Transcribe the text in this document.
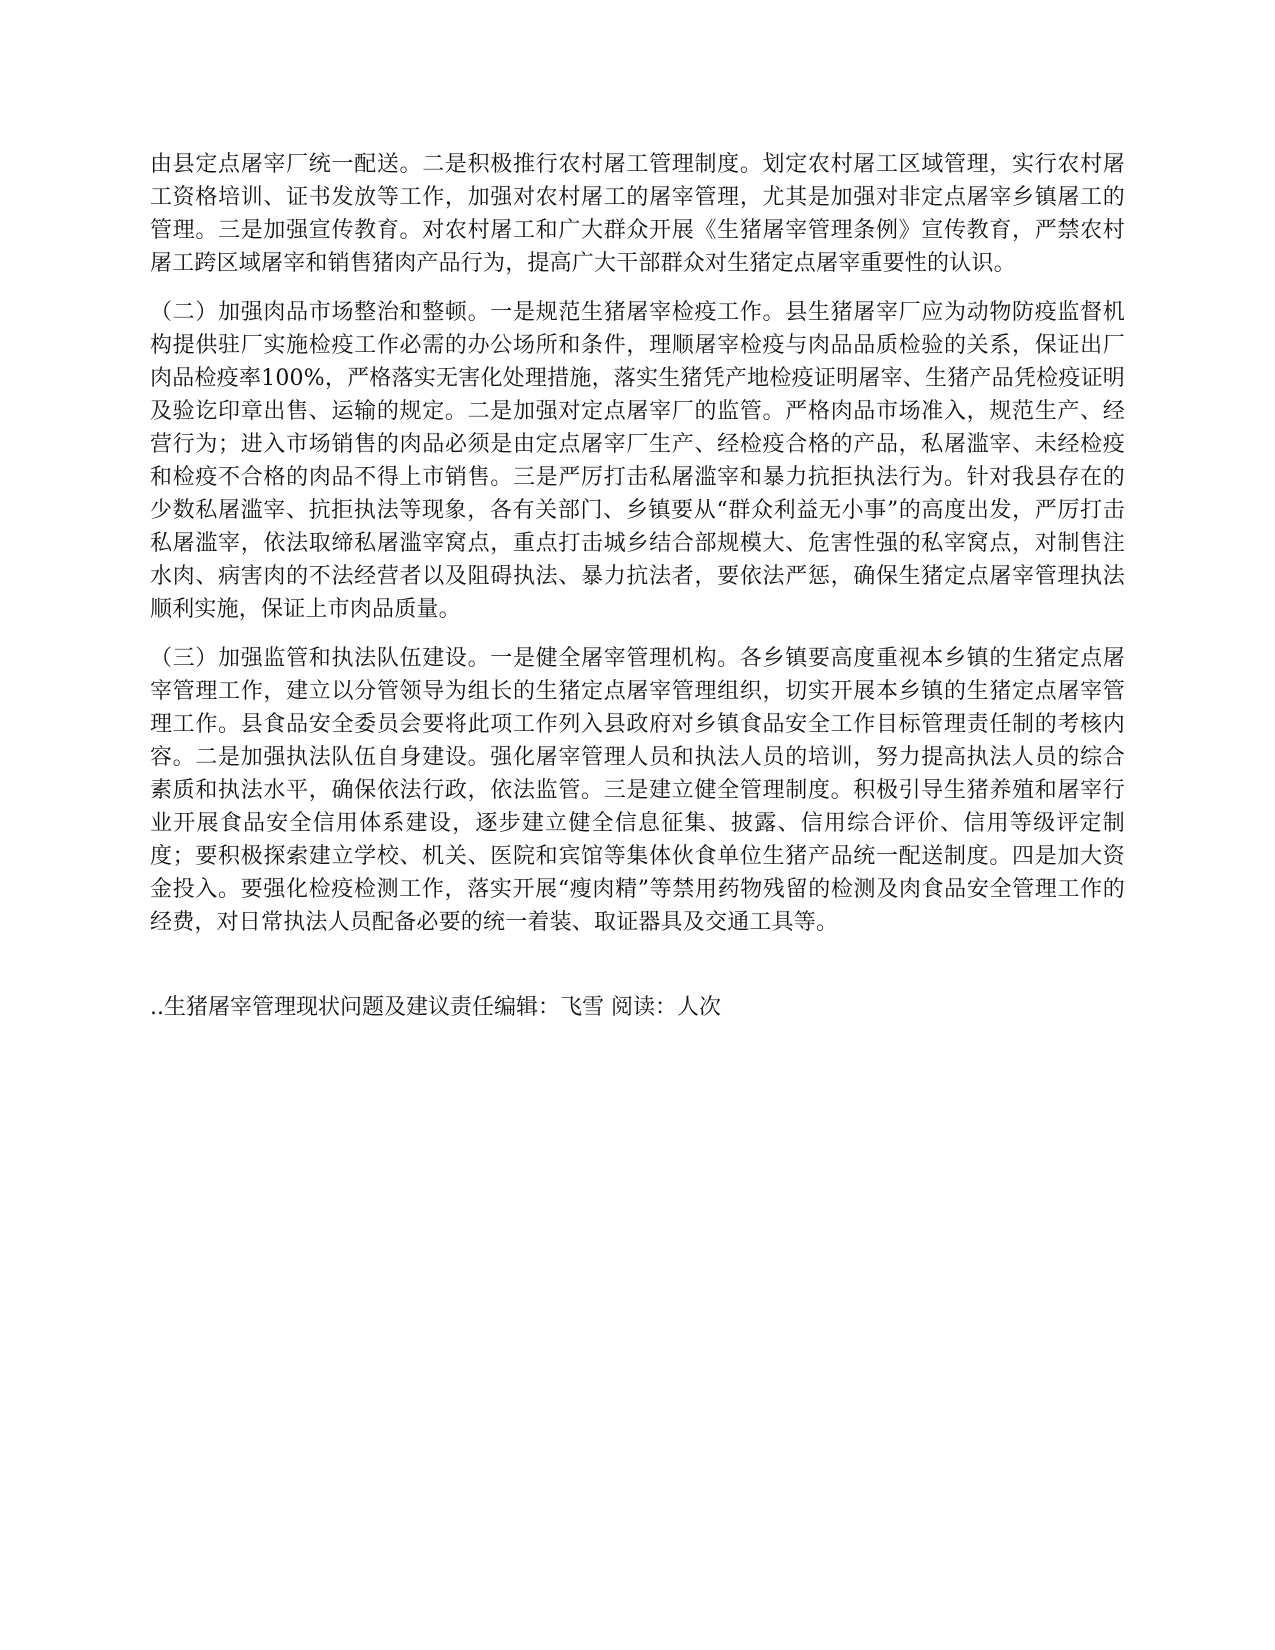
由县定点屠宰厂统一配送。二是积极推行农村屠工管理制度。划定农村屠工区域管理，实行农村屠工资格培训、证书发放等工作，加强对农村屠工的屠宰管理，尤其是加强对非定点屠宰乡镇屠工的管理。三是加强宣传教育。对农村屠工和广大群众开展《生猪屠宰管理条例》宣传教育，严禁农村屠工跨区域屠宰和销售猪肉产品行为，提高广大干部群众对生猪定点屠宰重要性的认识。

（二）加强肉品市场整治和整顿。一是规范生猪屠宰检疫工作。县生猪屠宰厂应为动物防疫监督机构提供驻厂实施检疫工作必需的办公场所和条件，理顺屠宰检疫与肉品品质检验的关系，保证出厂肉品检疫率100%，严格落实无害化处理措施，落实生猪凭产地检疫证明屠宰、生猪产品凭检疫证明及验讫印章出售、运输的规定。二是加强对定点屠宰厂的监管。严格肉品市场准入，规范生产、经营行为；进入市场销售的肉品必须是由定点屠宰厂生产、经检疫合格的产品，私屠滥宰、未经检疫和检疫不合格的肉品不得上市销售。三是严厉打击私屠滥宰和暴力抗拒执法行为。针对我县存在的少数私屠滥宰、抗拒执法等现象，各有关部门、乡镇要从“群众利益无小事”的高度出发，严厉打击私屠滥宰，依法取缔私屠滥宰窝点，重点打击城乡结合部规模大、危害性强的私宰窝点，对制售注水肉、病害肉的不法经营者以及阻碍执法、暴力抗法者，要依法严惩，确保生猪定点屠宰管理执法顺利实施，保证上市肉品质量。

（三）加强监管和执法队伍建设。一是健全屠宰管理机构。各乡镇要高度重视本乡镇的生猪定点屠宰管理工作，建立以分管领导为组长的生猪定点屠宰管理组织，切实开展本乡镇的生猪定点屠宰管理工作。县食品安全委员会要将此项工作列入县政府对乡镇食品安全工作目标管理责任制的考核内容。二是加强执法队伍自身建设。强化屠宰管理人员和执法人员的培训，努力提高执法人员的综合素质和执法水平，确保依法行政，依法监管。三是建立健全管理制度。积极引导生猪养殖和屠宰行业开展食品安全信用体系建设，逐步建立健全信息征集、披露、信用综合评价、信用等级评定制度；要积极探索建立学校、机关、医院和宾馆等集体伙食单位生猪产品统一配送制度。四是加大资金投入。要强化检疫检测工作，落实开展“瘦肉精”等禁用药物残留的检测及肉食品安全管理工作的经费，对日常执法人员配备必要的统一着装、取证器具及交通工具等。

..生猪屠宰管理现状问题及建议责任编辑：飞雪 阅读：人次
